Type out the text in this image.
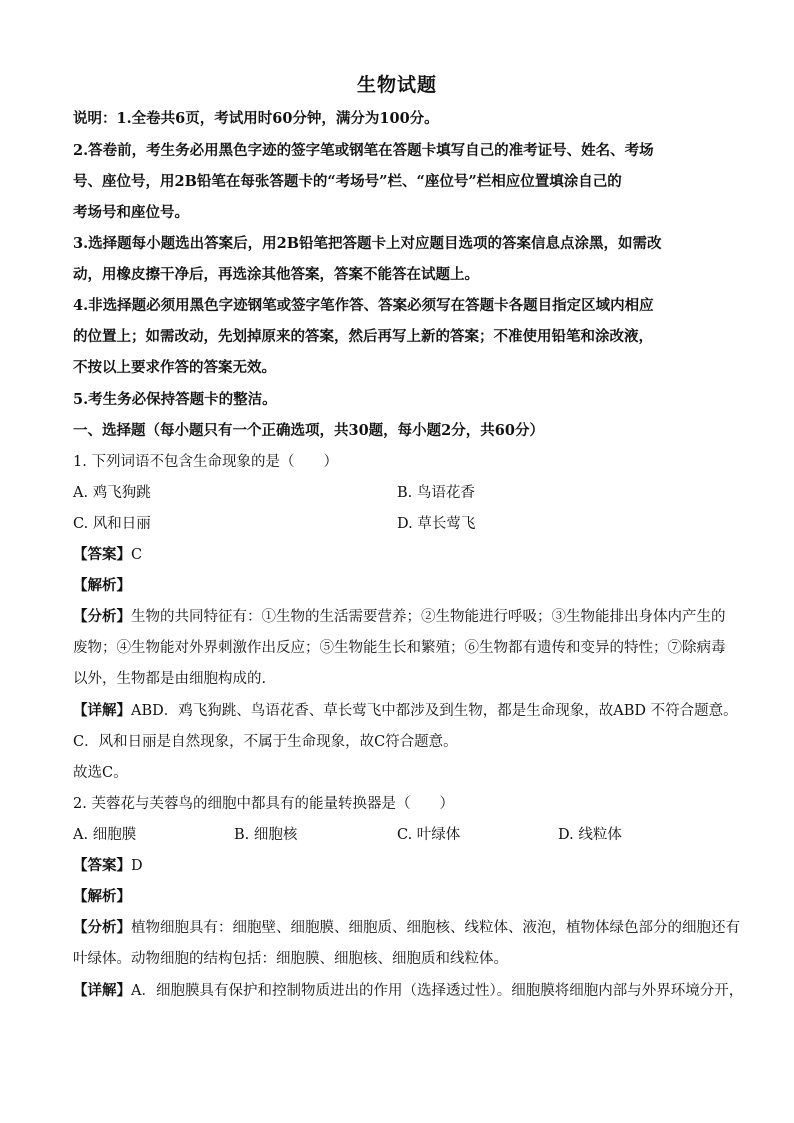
生物试题
说明：1.全卷共6页，考试用时60分钟，满分为100分。
2.答卷前，考生务必用黑色字迹的签字笔或钢笔在答题卡填写自己的准考证号、姓名、考场
号、座位号，用2B铅笔在每张答题卡的“考场号”栏、“座位号”栏相应位置填涂自己的
考场号和座位号。
3.选择题每小题选出答案后，用2B铅笔把答题卡上对应题目选项的答案信息点涂黑，如需改
动，用橡皮擦干净后，再选涂其他答案，答案不能答在试题上。
4.非选择题必须用黑色字迹钢笔或签字笔作答、答案必须写在答题卡各题目指定区域内相应
的位置上；如需改动，先划掉原来的答案，然后再写上新的答案；不准使用铅笔和涂改液，
不按以上要求作答的答案无效。
5.考生务必保持答题卡的整洁。
一、选择题（每小题只有一个正确选项，共30题，每小题2分，共60分）
1. 下列词语不包含生命现象的是（　　）
A. 鸡飞狗跳	B. 鸟语花香
C. 风和日丽	D. 草长莺飞
【答案】C
【解析】
【分析】生物的共同特征有：①生物的生活需要营养；②生物能进行呼吸；③生物能排出身体内产生的
废物；④生物能对外界刺激作出反应；⑤生物能生长和繁殖；⑥生物都有遗传和变异的特性；⑦除病毒
以外，生物都是由细胞构成的.
【详解】ABD．鸡飞狗跳、鸟语花香、草长莺飞中都涉及到生物，都是生命现象，故ABD 不符合题意。
C．风和日丽是自然现象，不属于生命现象，故C符合题意。
故选C。
2. 芙蓉花与芙蓉鸟的细胞中都具有的能量转换器是（　　）
A. 细胞膜	B. 细胞核	C. 叶绿体	D. 线粒体
【答案】D
【解析】
【分析】植物细胞具有：细胞壁、细胞膜、细胞质、细胞核、线粒体、液泡，植物体绿色部分的细胞还有
叶绿体。动物细胞的结构包括：细胞膜、细胞核、细胞质和线粒体。
【详解】A．细胞膜具有保护和控制物质进出的作用（选择透过性）。细胞膜将细胞内部与外界环境分开，
